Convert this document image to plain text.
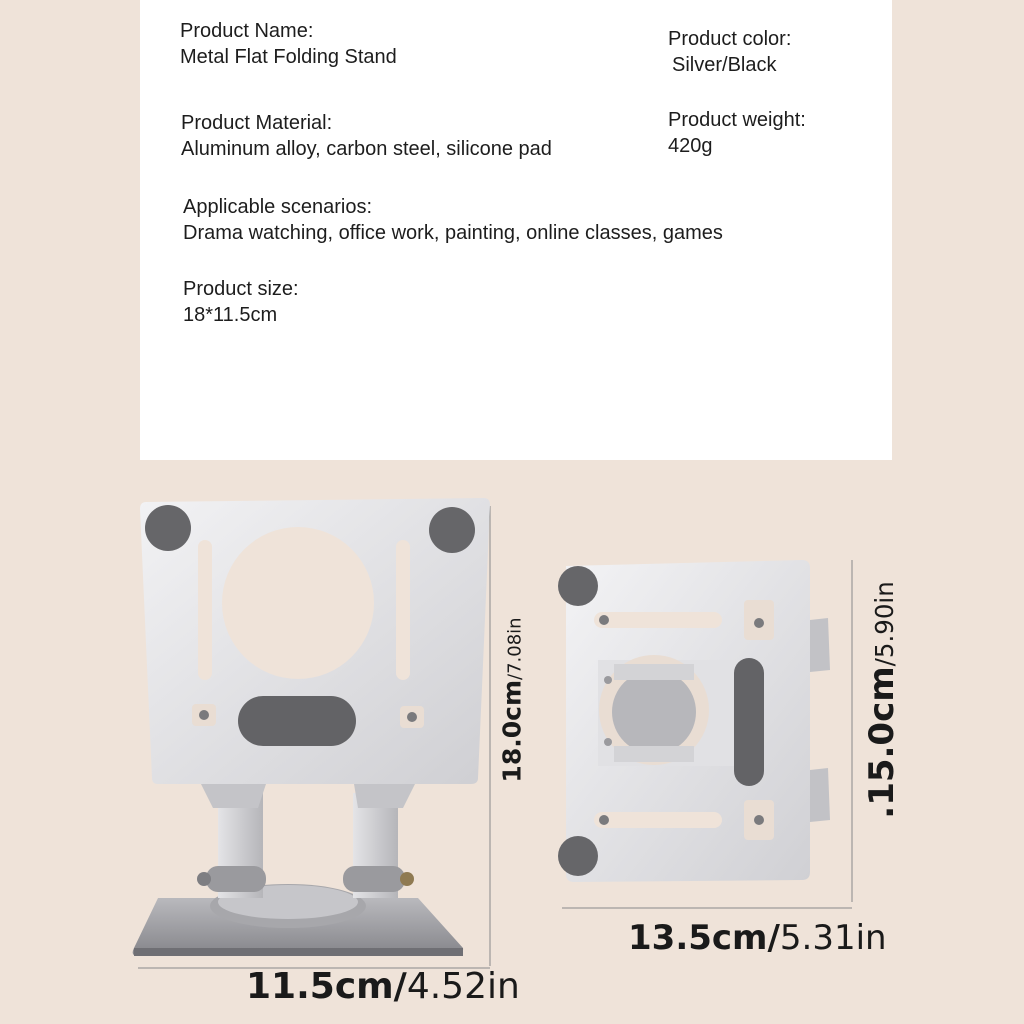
Product Name:
Metal Flat Folding Stand
Product color:
Silver/Black
Product Material:
Aluminum alloy, carbon steel, silicone pad
Product weight:
420g
Applicable scenarios:
Drama watching, office work, painting, online classes, games
Product size:
18*11.5cm
11.5cm/4.52in
18.0cm/7.08in
13.5cm/5.31in
.15.0cm/5.90in
